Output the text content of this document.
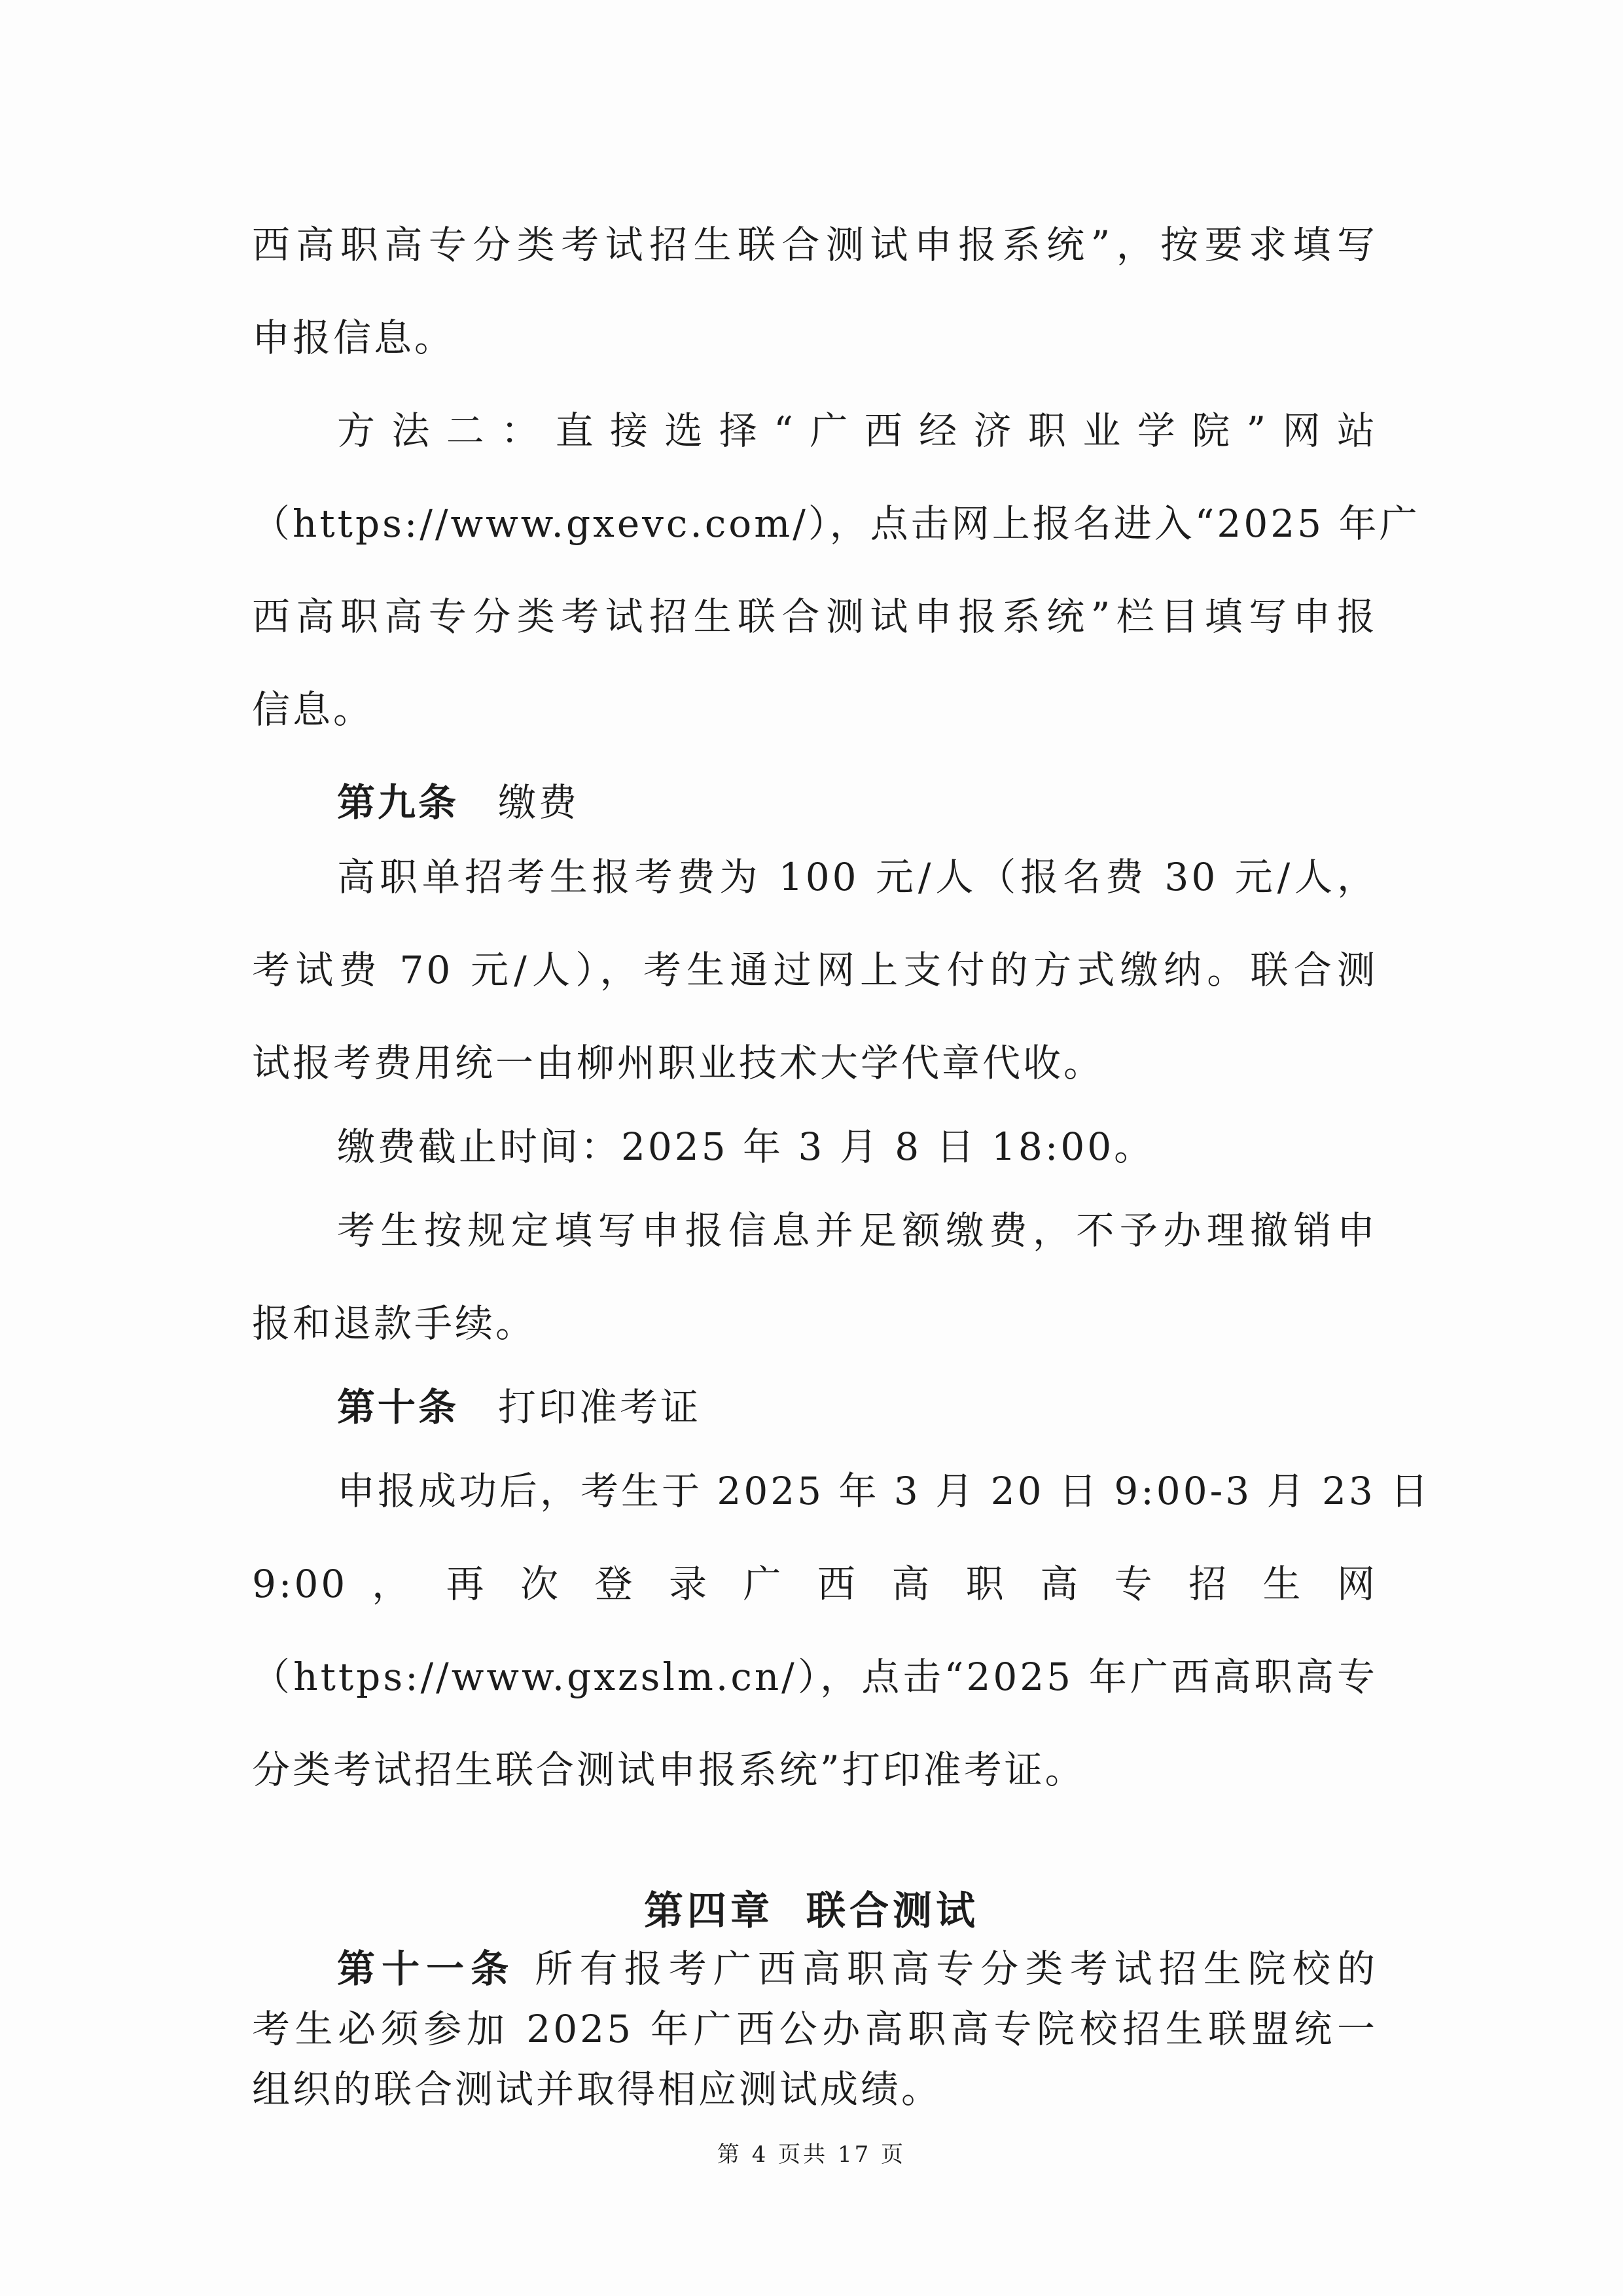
西高职高专分类考试招生联合测试申报系统”，按要求填写
申报信息。
方法二：直接选择“广西经济职业学院”网站
（https://www.gxevc.com/），点击网上报名进入“2025 年广
西高职高专分类考试招生联合测试申报系统”栏目填写申报
信息。
第九条 缴费
高职单招考生报考费为 100 元/人（报名费 30 元/人，
考试费 70 元/人），考生通过网上支付的方式缴纳。联合测
试报考费用统一由柳州职业技术大学代章代收。
缴费截止时间：2025 年 3 月 8 日 18:00。
考生按规定填写申报信息并足额缴费，不予办理撤销申
报和退款手续。
第十条 打印准考证
申报成功后，考生于 2025 年 3 月 20 日 9:00-3 月 23 日
9:00 ， 再 次 登 录 广 西 高 职 高 专 招 生 网
（https://www.gxzslm.cn/），点击“2025 年广西高职高专
分类考试招生联合测试申报系统”打印准考证。
第四章 联合测试
第十一条 所有报考广西高职高专分类考试招生院校的
考生必须参加 2025 年广西公办高职高专院校招生联盟统一
组织的联合测试并取得相应测试成绩。
第 4 页共 17 页
